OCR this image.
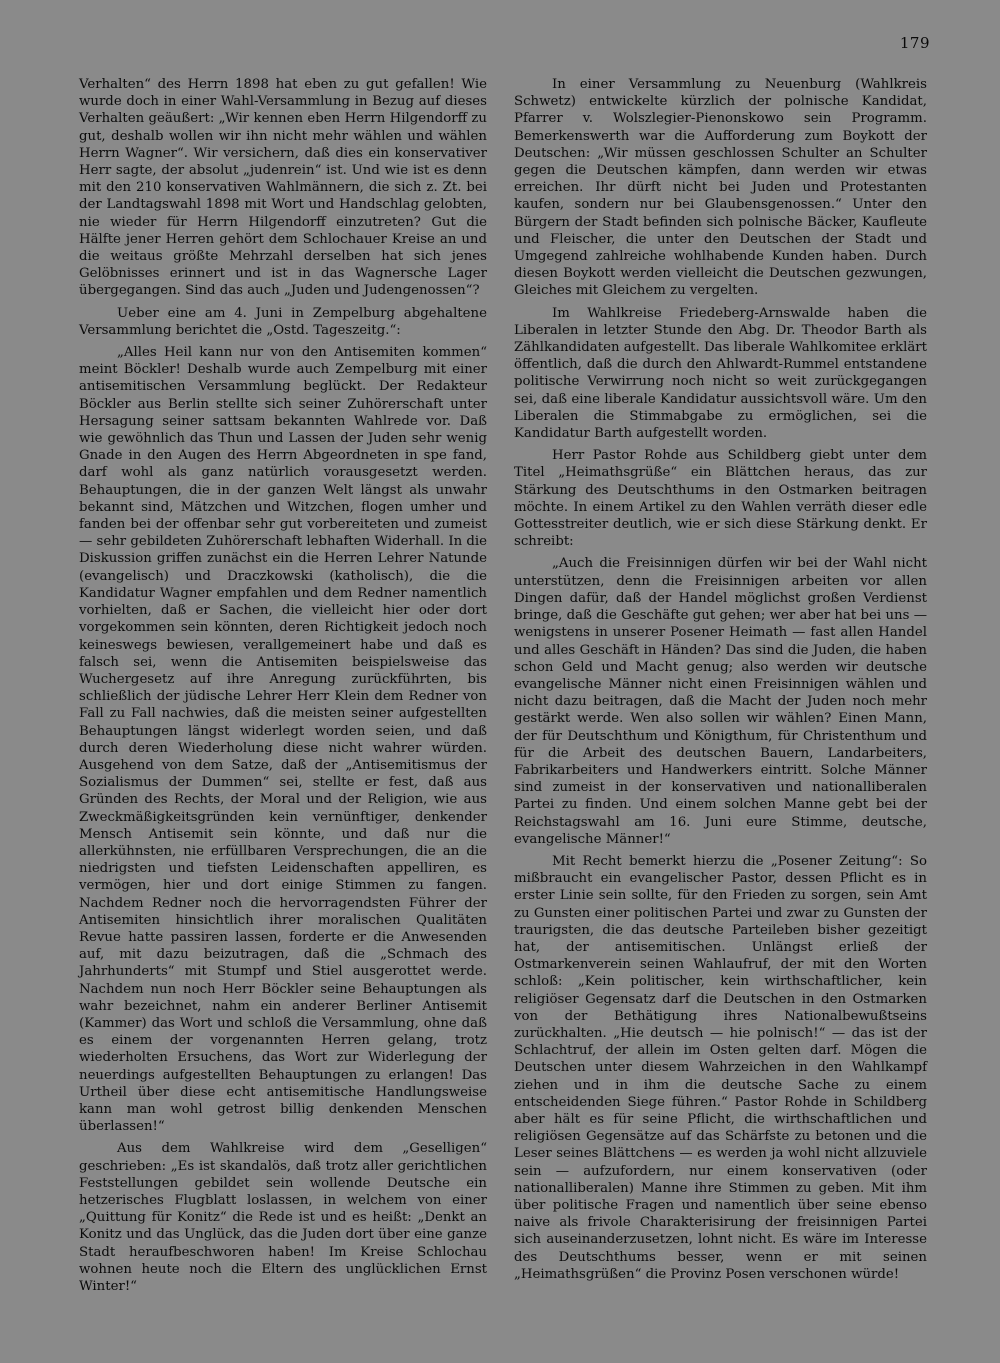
179

Verhalten“ des Herrn 1898 hat eben zu gut gefallen! Wie wurde doch in einer Wahl-Versammlung in Bezug auf dieses Verhalten geäußert: „Wir kennen eben Herrn Hilgendorff zu gut, deshalb wollen wir ihn nicht mehr wählen und wählen Herrn Wagner“. Wir versichern, daß dies ein konservativer Herr sagte, der absolut „judenrein“ ist. Und wie ist es denn mit den 210 konservativen Wahlmännern, die sich z. Zt. bei der Landtagswahl 1898 mit Wort und Handschlag gelobten, nie wieder für Herrn Hilgendorff einzutreten? Gut die Hälfte jener Herren gehört dem Schlochauer Kreise an und die weitaus größte Mehrzahl derselben hat sich jenes Gelöbnisses erinnert und ist in das Wagnersche Lager übergegangen. Sind das auch „Juden und Judengenossen“?

Ueber eine am 4. Juni in Zempelburg abgehaltene Versammlung berichtet die „Ostd. Tageszeitg.“:

„Alles Heil kann nur von den Antisemiten kommen“ meint Böckler! Deshalb wurde auch Zempelburg mit einer antisemitischen Versammlung beglückt. Der Redakteur Böckler aus Berlin stellte sich seiner Zuhörerschaft unter Hersagung seiner sattsam bekannten Wahlrede vor. Daß wie gewöhnlich das Thun und Lassen der Juden sehr wenig Gnade in den Augen des Herrn Abgeordneten in spe fand, darf wohl als ganz natürlich vorausgesetzt werden. Behauptungen, die in der ganzen Welt längst als unwahr bekannt sind, Mätzchen und Witzchen, flogen umher und fanden bei der offenbar sehr gut vorbereiteten und zumeist — sehr gebildeten Zuhörerschaft lebhaften Widerhall. In die Diskussion griffen zunächst ein die Herren Lehrer Natunde (evangelisch) und Draczkowski (katholisch), die die Kandidatur Wagner empfahlen und dem Redner namentlich vorhielten, daß er Sachen, die vielleicht hier oder dort vorgekommen sein könnten, deren Richtigkeit jedoch noch keineswegs bewiesen, verallgemeinert habe und daß es falsch sei, wenn die Antisemiten beispielsweise das Wuchergesetz auf ihre Anregung zurückführten, bis schließlich der jüdische Lehrer Herr Klein dem Redner von Fall zu Fall nachwies, daß die meisten seiner aufgestellten Behauptungen längst widerlegt worden seien, und daß durch deren Wiederholung diese nicht wahrer würden. Ausgehend von dem Satze, daß der „Antisemitismus der Sozialismus der Dummen“ sei, stellte er fest, daß aus Gründen des Rechts, der Moral und der Religion, wie aus Zweckmäßigkeitsgründen kein vernünftiger, denkender Mensch Antisemit sein könnte, und daß nur die allerkühnsten, nie erfüllbaren Versprechungen, die an die niedrigsten und tiefsten Leidenschaften appelliren, es vermögen, hier und dort einige Stimmen zu fangen. Nachdem Redner noch die hervorragendsten Führer der Antisemiten hinsichtlich ihrer moralischen Qualitäten Revue hatte passiren lassen, forderte er die Anwesenden auf, mit dazu beizutragen, daß die „Schmach des Jahrhunderts“ mit Stumpf und Stiel ausgerottet werde. Nachdem nun noch Herr Böckler seine Behauptungen als wahr bezeichnet, nahm ein anderer Berliner Antisemit (Kammer) das Wort und schloß die Versammlung, ohne daß es einem der vorgenannten Herren gelang, trotz wiederholten Ersuchens, das Wort zur Widerlegung der neuerdings aufgestellten Behauptungen zu erlangen! Das Urtheil über diese echt antisemitische Handlungsweise kann man wohl getrost billig denkenden Menschen überlassen!“

Aus dem Wahlkreise wird dem „Geselligen“ geschrieben: „Es ist skandalös, daß trotz aller gerichtlichen Feststellungen gebildet sein wollende Deutsche ein hetzerisches Flugblatt loslassen, in welchem von einer „Quittung für Konitz“ die Rede ist und es heißt: „Denkt an Konitz und das Unglück, das die Juden dort über eine ganze Stadt heraufbeschworen haben! Im Kreise Schlochau wohnen heute noch die Eltern des unglücklichen Ernst Winter!“

In einer Versammlung zu Neuenburg (Wahlkreis Schwetz) entwickelte kürzlich der polnische Kandidat, Pfarrer v. Wolszlegier-Pienonskowo sein Programm. Bemerkenswerth war die Aufforderung zum Boykott der Deutschen: „Wir müssen geschlossen Schulter an Schulter gegen die Deutschen kämpfen, dann werden wir etwas erreichen. Ihr dürft nicht bei Juden und Protestanten kaufen, sondern nur bei Glaubensgenossen.“ Unter den Bürgern der Stadt befinden sich polnische Bäcker, Kaufleute und Fleischer, die unter den Deutschen der Stadt und Umgegend zahlreiche wohlhabende Kunden haben. Durch diesen Boykott werden vielleicht die Deutschen gezwungen, Gleiches mit Gleichem zu vergelten.

Im Wahlkreise Friedeberg-Arnswalde haben die Liberalen in letzter Stunde den Abg. Dr. Theodor Barth als Zählkandidaten aufgestellt. Das liberale Wahlkomitee erklärt öffentlich, daß die durch den Ahlwardt-Rummel entstandene politische Verwirrung noch nicht so weit zurückgegangen sei, daß eine liberale Kandidatur aussichtsvoll wäre. Um den Liberalen die Stimmabgabe zu ermöglichen, sei die Kandidatur Barth aufgestellt worden.

Herr Pastor Rohde aus Schildberg giebt unter dem Titel „Heimathsgrüße“ ein Blättchen heraus, das zur Stärkung des Deutschthums in den Ostmarken beitragen möchte. In einem Artikel zu den Wahlen verräth dieser edle Gottesstreiter deutlich, wie er sich diese Stärkung denkt. Er schreibt:

„Auch die Freisinnigen dürfen wir bei der Wahl nicht unterstützen, denn die Freisinnigen arbeiten vor allen Dingen dafür, daß der Handel möglichst großen Verdienst bringe, daß die Geschäfte gut gehen; wer aber hat bei uns — wenigstens in unserer Posener Heimath — fast allen Handel und alles Geschäft in Händen? Das sind die Juden, die haben schon Geld und Macht genug; also werden wir deutsche evangelische Männer nicht einen Freisinnigen wählen und nicht dazu beitragen, daß die Macht der Juden noch mehr gestärkt werde. Wen also sollen wir wählen? Einen Mann, der für Deutschthum und Königthum, für Christenthum und für die Arbeit des deutschen Bauern, Landarbeiters, Fabrikarbeiters und Handwerkers eintritt. Solche Männer sind zumeist in der konservativen und nationalliberalen Partei zu finden. Und einem solchen Manne gebt bei der Reichstagswahl am 16. Juni eure Stimme, deutsche, evangelische Männer!“

Mit Recht bemerkt hierzu die „Posener Zeitung“: So mißbraucht ein evangelischer Pastor, dessen Pflicht es in erster Linie sein sollte, für den Frieden zu sorgen, sein Amt zu Gunsten einer politischen Partei und zwar zu Gunsten der traurigsten, die das deutsche Parteileben bisher gezeitigt hat, der antisemitischen. Unlängst erließ der Ostmarkenverein seinen Wahlaufruf, der mit den Worten schloß: „Kein politischer, kein wirthschaftlicher, kein religiöser Gegensatz darf die Deutschen in den Ostmarken von der Bethätigung ihres Nationalbewußtseins zurückhalten. „Hie deutsch — hie polnisch!“ — das ist der Schlachtruf, der allein im Osten gelten darf. Mögen die Deutschen unter diesem Wahrzeichen in den Wahlkampf ziehen und in ihm die deutsche Sache zu einem entscheidenden Siege führen.“ Pastor Rohde in Schildberg aber hält es für seine Pflicht, die wirthschaftlichen und religiösen Gegensätze auf das Schärfste zu betonen und die Leser seines Blättchens — es werden ja wohl nicht allzuviele sein — aufzufordern, nur einem konservativen (oder nationalliberalen) Manne ihre Stimmen zu geben. Mit ihm über politische Fragen und namentlich über seine ebenso naive als frivole Charakterisirung der freisinnigen Partei sich auseinanderzusetzen, lohnt nicht. Es wäre im Interesse des Deutschthums besser, wenn er mit seinen „Heimathsgrüßen“ die Provinz Posen verschonen würde!
